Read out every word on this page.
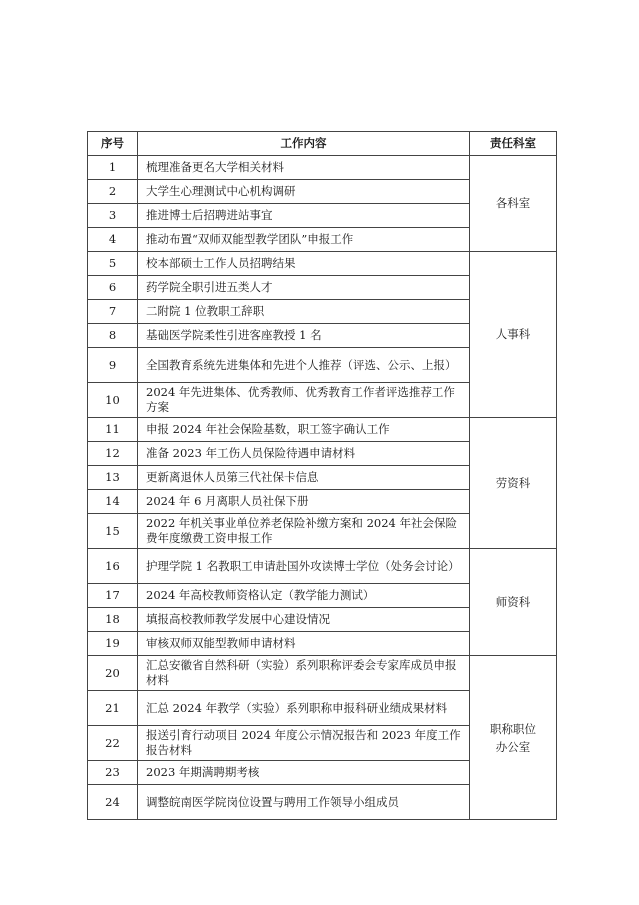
序号	工作内容	责任科室
1	梳理准备更名大学相关材料	各科室
2	大学生心理测试中心机构调研	
3	推进博士后招聘进站事宜	
4	推动布置“双师双能型教学团队”申报工作	
5	校本部硕士工作人员招聘结果	人事科
6	药学院全职引进五类人才	
7	二附院 1 位教职工辞职	
8	基础医学院柔性引进客座教授 1 名	
9	全国教育系统先进集体和先进个人推荐（评选、公示、上报）	
10	2024 年先进集体、优秀教师、优秀教育工作者评选推荐工作方案	
11	申报 2024 年社会保险基数，职工签字确认工作	劳资科
12	准备 2023 年工伤人员保险待遇申请材料	
13	更新离退休人员第三代社保卡信息	
14	2024 年 6 月离职人员社保下册	
15	2022 年机关事业单位养老保险补缴方案和 2024 年社会保险费年度缴费工资申报工作	
16	护理学院 1 名教职工申请赴国外攻读博士学位（处务会讨论）	师资科
17	2024 年高校教师资格认定（教学能力测试）	
18	填报高校教师教学发展中心建设情况	
19	审核双师双能型教师申请材料	
20	汇总安徽省自然科研（实验）系列职称评委会专家库成员申报材料	职称职位办公室
21	汇总 2024 年教学（实验）系列职称申报科研业绩成果材料	
22	报送引育行动项目 2024 年度公示情况报告和 2023 年度工作报告材料	
23	2023 年期满聘期考核	
24	调整皖南医学院岗位设置与聘用工作领导小组成员	
